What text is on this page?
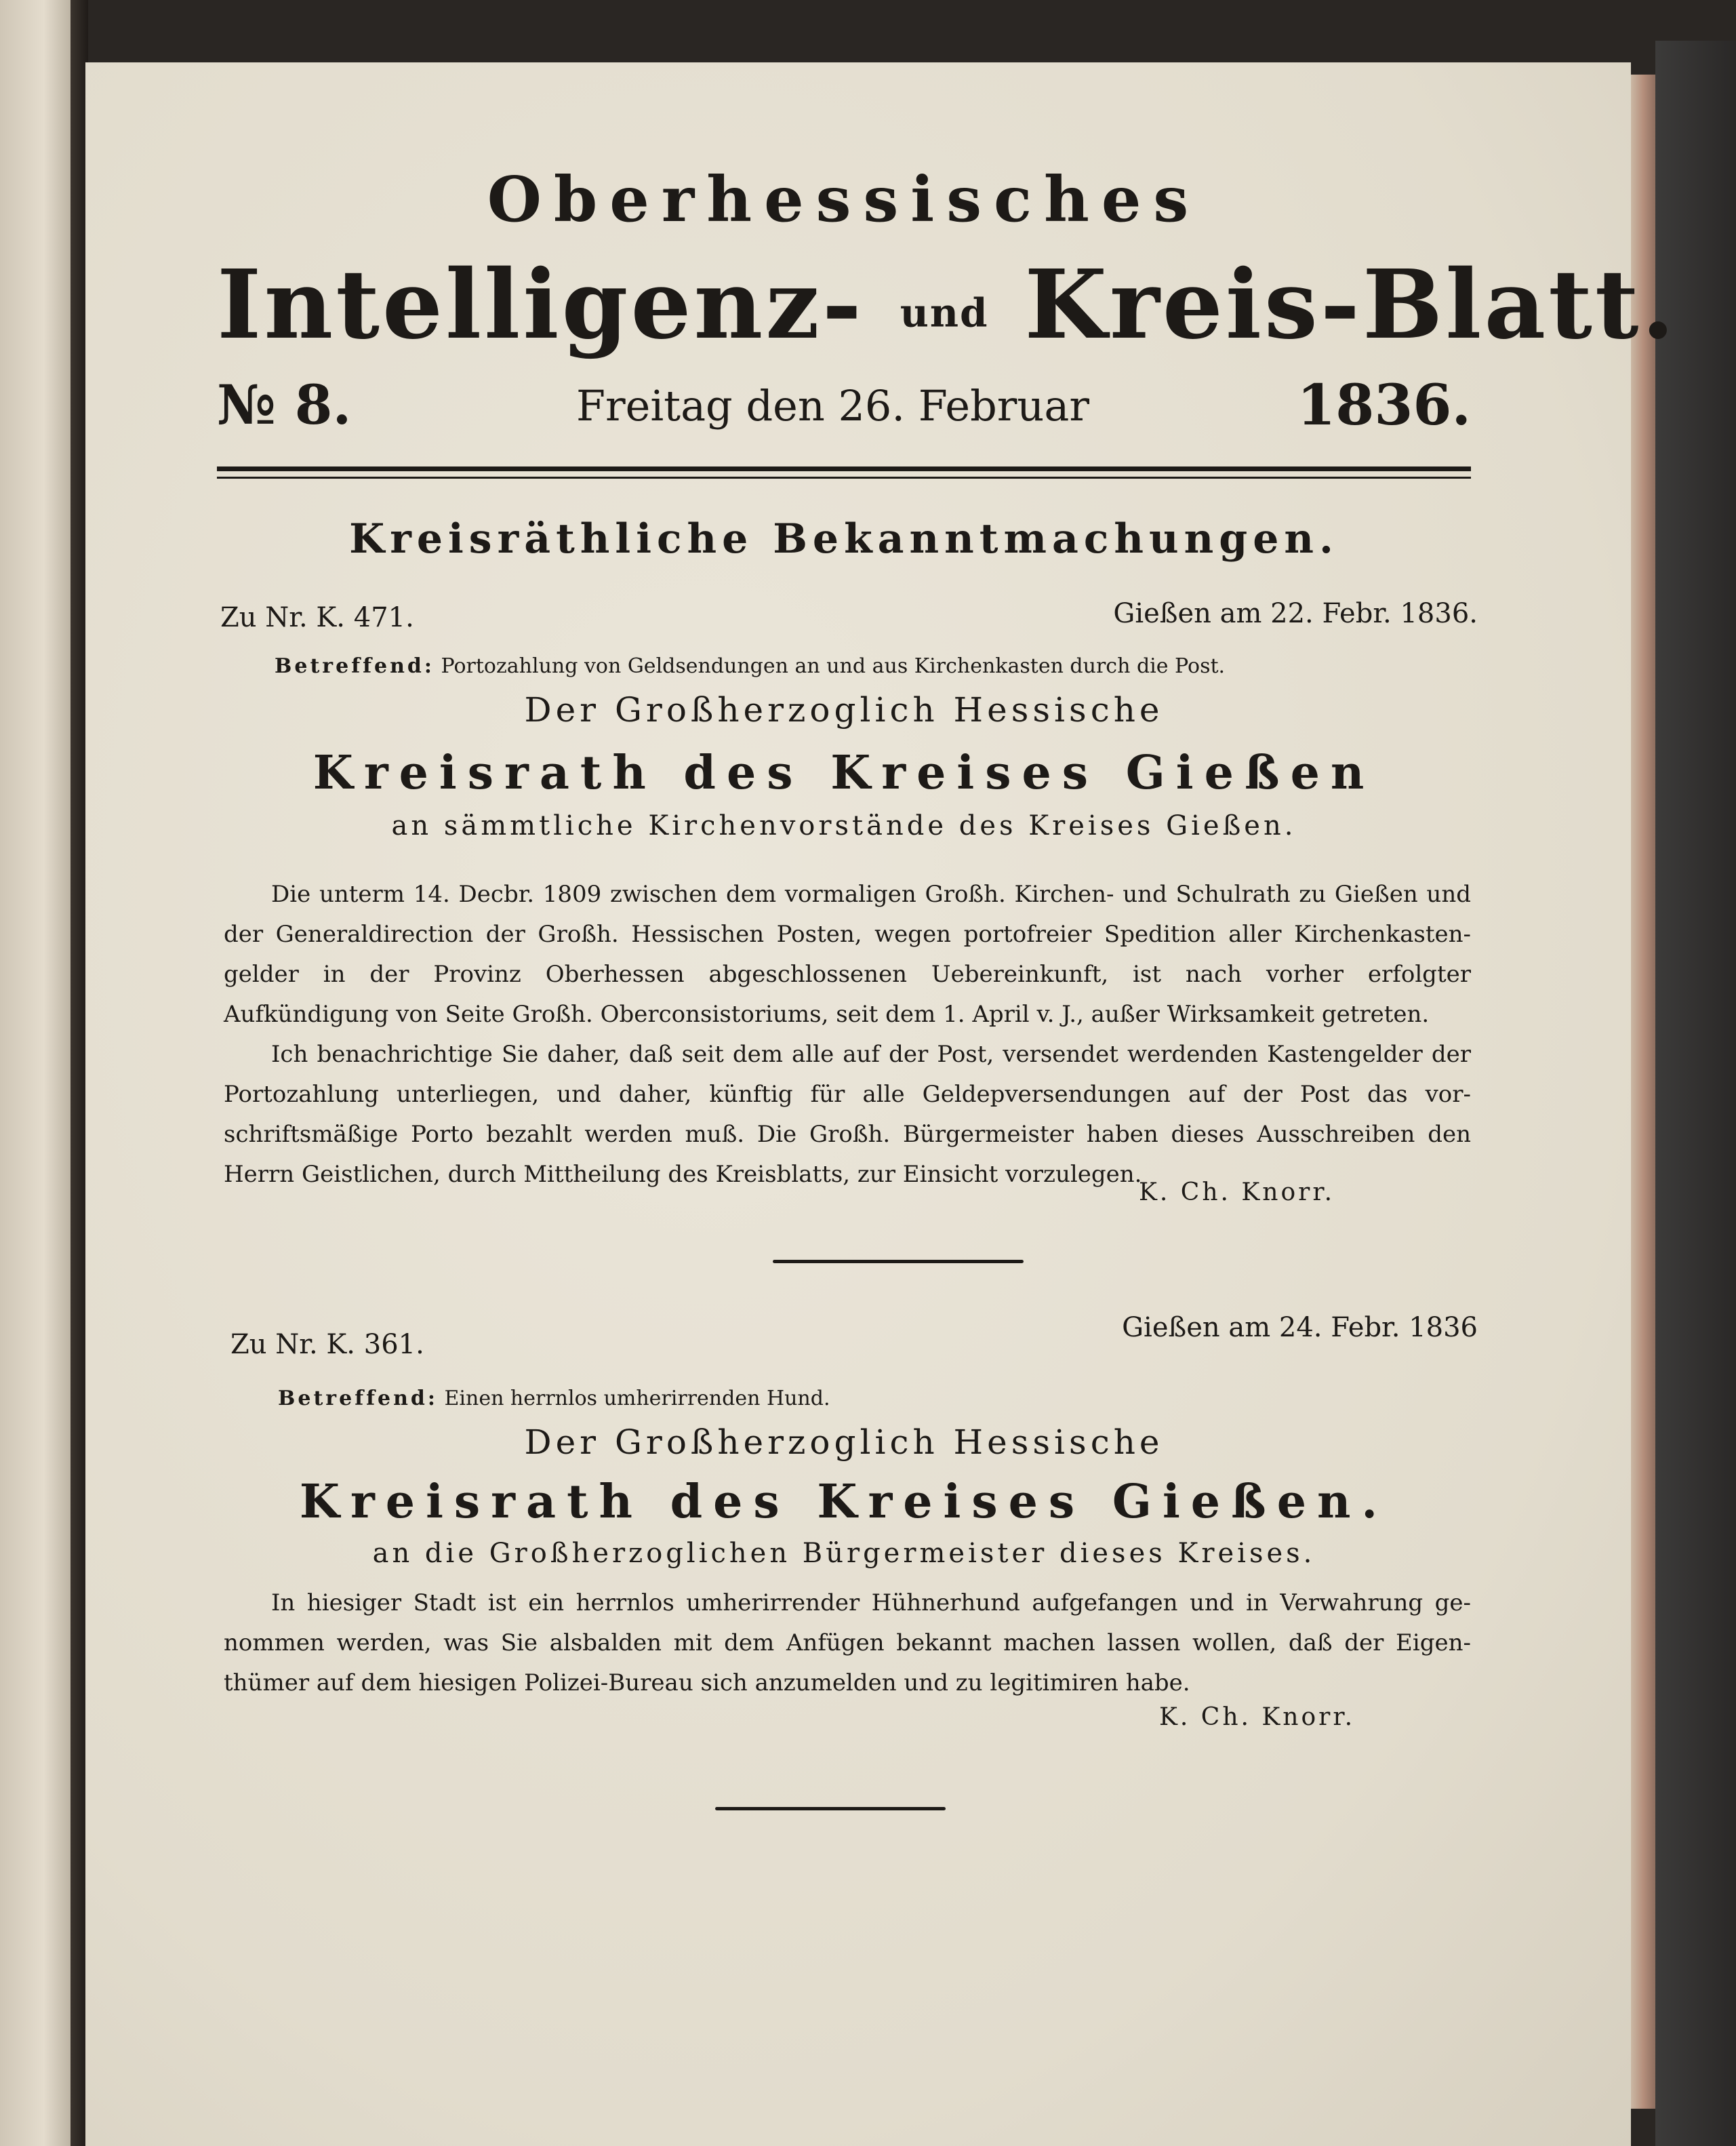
Oberhessisches
Intelligenz- und Kreis-Blatt.
№ 8.	Freitag den 26. Februar	1836.
Kreisräthliche Bekanntmachungen.
Zu Nr. K. 471.	Gießen am 22. Febr. 1836.
Betreffend: Portozahlung von Geldsendungen an und aus Kirchenkasten durch die Post.
Der Großherzoglich Hessische
Kreisrath des Kreises Gießen
an sämmtliche Kirchenvorstände des Kreises Gießen.
Die unterm 14. Decbr. 1809 zwischen dem vormaligen Großh. Kirchen- und Schulrath zu Gießen und der Generaldirection der Großh. Hessischen Posten, wegen portofreier Spedition aller Kirchenkasten-gelder in der Provinz Oberhessen abgeschlossenen Uebereinkunft, ist nach vorher erfolgter Aufkündigung von Seite Großh. Oberconsistoriums, seit dem 1. April v. J., außer Wirksamkeit getreten.
Ich benachrichtige Sie daher, daß seit dem alle auf der Post, versendet werdenden Kastengelder der Portozahlung unterliegen, und daher, künftig für alle Geldерversendungen auf der Post das vor-schriftsmäßige Porto bezahlt werden muß. Die Großh. Bürgermeister haben dieses Ausschreiben den Herrn Geistlichen, durch Mittheilung des Kreisblatts, zur Einsicht vorzulegen.
K. Ch. Knorr.
Zu Nr. K. 361.
Gießen am 24. Febr. 1836
Betreffend: Einen herrnlos umherirrenden Hund.
Der Großherzoglich Hessische
Kreisrath des Kreises Gießen.
an die Großherzoglichen Bürgermeister dieses Kreises.
In hiesiger Stadt ist ein herrnlos umherirrender Hühnerhund aufgefangen und in Verwahrung ge-nommen werden, was Sie alsbalden mit dem Anfügen bekannt machen lassen wollen, daß der Eigen-thümer auf dem hiesigen Polizei-Bureau sich anzumelden und zu legitimiren habe.
K. Ch. Knorr.
